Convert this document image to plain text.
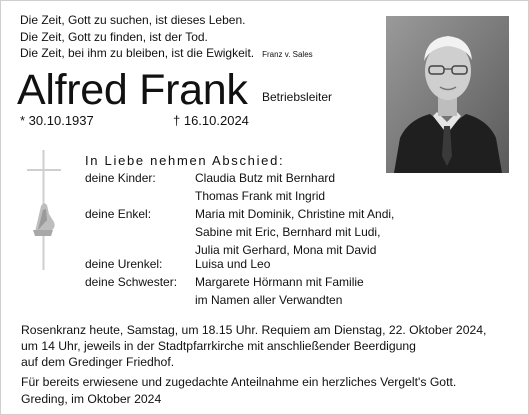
Die Zeit, Gott zu suchen, ist dieses Leben.
Die Zeit, Gott zu finden, ist der Tod.
Die Zeit, bei ihm zu bleiben, ist die Ewigkeit. Franz v. Sales
Alfred Frank Betriebsleiter
* 30.10.1937	† 16.10.2024
In Liebe nehmen Abschied:
deine Kinder:	Claudia Butz mit Bernhard
Thomas Frank mit Ingrid
deine Enkel:	Maria mit Dominik, Christine mit Andi,
Sabine mit Eric, Bernhard mit Ludi,
Julia mit Gerhard, Mona mit David
deine Urenkel:	Luisa und Leo
deine Schwester: Margarete Hörmann mit Familie
im Namen aller Verwandten
Rosenkranz heute, Samstag, um 18.15 Uhr. Requiem am Dienstag, 22. Oktober 2024,
um 14 Uhr, jeweils in der Stadtpfarrkirche mit anschließender Beerdigung
auf dem Gredinger Friedhof.
Für bereits erwiesene und zugedachte Anteilnahme ein herzliches Vergelt's Gott.
Greding, im Oktober 2024
